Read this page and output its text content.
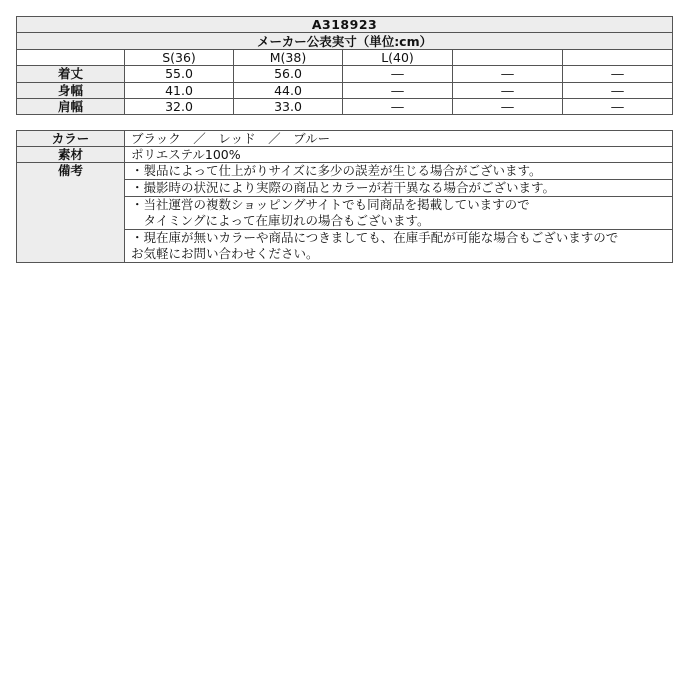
A318923					
メーカー公表実寸（単位:cm）					
	S(36)	M(38)	L(40)		
着丈	55.0	56.0	―	―	―
身幅	41.0	44.0	―	―	―
肩幅	32.0	33.0	―	―	―
カラー	ブラック　／　レッド　／　ブルー
素材	ポリエステル100%
備考	・製品によって仕上がりサイズに多少の誤差が生じる場合がございます。

	・撮影時の状況により実際の商品とカラーが若干異なる場合がございます。

	・当社運営の複数ショッピングサイトでも同商品を掲載していますので
　タイミングによって在庫切れの場合もございます。

	・現在庫が無いカラーや商品につきましても、在庫手配が可能な場合もございますので
お気軽にお問い合わせください。
